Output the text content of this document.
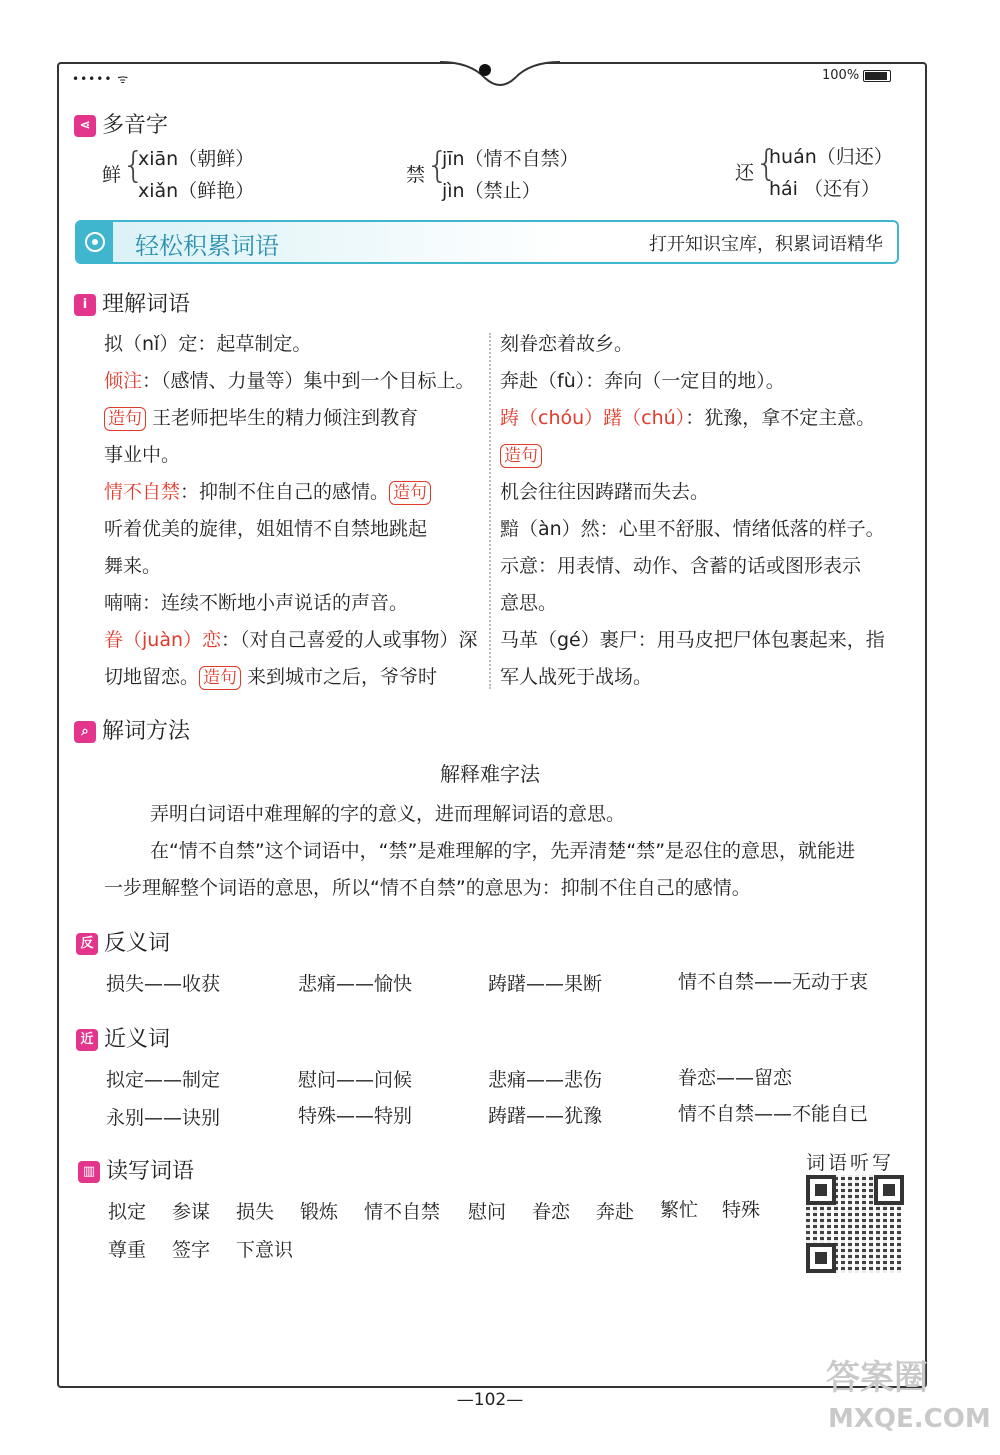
••••• ᯤ	100%
⋖ 多音字
鲜 {
xiān（朝鲜）
xiǎn（鲜艳）
禁 {
jīn（情不自禁）
jìn（禁止）
还 {
huán（归还）
hái （还有）
轻松积累词语	打开知识宝库，积累词语精华
i 理解词语
拟（nǐ）定：起草制定。
倾注：（感情、力量等）集中到一个目标上。
造句 王老师把毕生的精力倾注到教育
事业中。
情不自禁：抑制不住自己的感情。 造句
听着优美的旋律，姐姐情不自禁地跳起
舞来。
喃喃：连续不断地小声说话的声音。
眷（juàn）恋：（对自己喜爱的人或事物）深
切地留恋。 造句 来到城市之后，爷爷时
刻眷恋着故乡。
奔赴（fù）：奔向（一定目的地）。
踌（chóu）躇（chú）：犹豫，拿不定主意。造句
机会往往因踌躇而失去。
黯（àn）然：心里不舒服、情绪低落的样子。
示意：用表情、动作、含蓄的话或图形表示
意思。
马革（gé）裹尸：用马皮把尸体包裹起来，指
军人战死于战场。
⌕ 解词方法
解释难字法
弄明白词语中难理解的字的意义，进而理解词语的意思。
在“情不自禁”这个词语中，“禁”是难理解的字，先弄清楚“禁”是忍住的意思，就能进
一步理解整个词语的意思，所以“情不自禁”的意思为：抑制不住自己的感情。
反 反义词
损失——收获	悲痛——愉快	踌躇——果断	情不自禁——无动于衷
近 近义词
拟定——制定	慰问——问候	悲痛——悲伤	眷恋——留恋
永别——诀别	特殊——特别	踌躇——犹豫	情不自禁——不能自已
▥ 读写词语	词语听写
拟定 参谋 损失 锻炼 情不自禁 慰问 眷恋 奔赴 繁忙 特殊
尊重 签字 下意识
—102—
答案圈
MXQE.COM
